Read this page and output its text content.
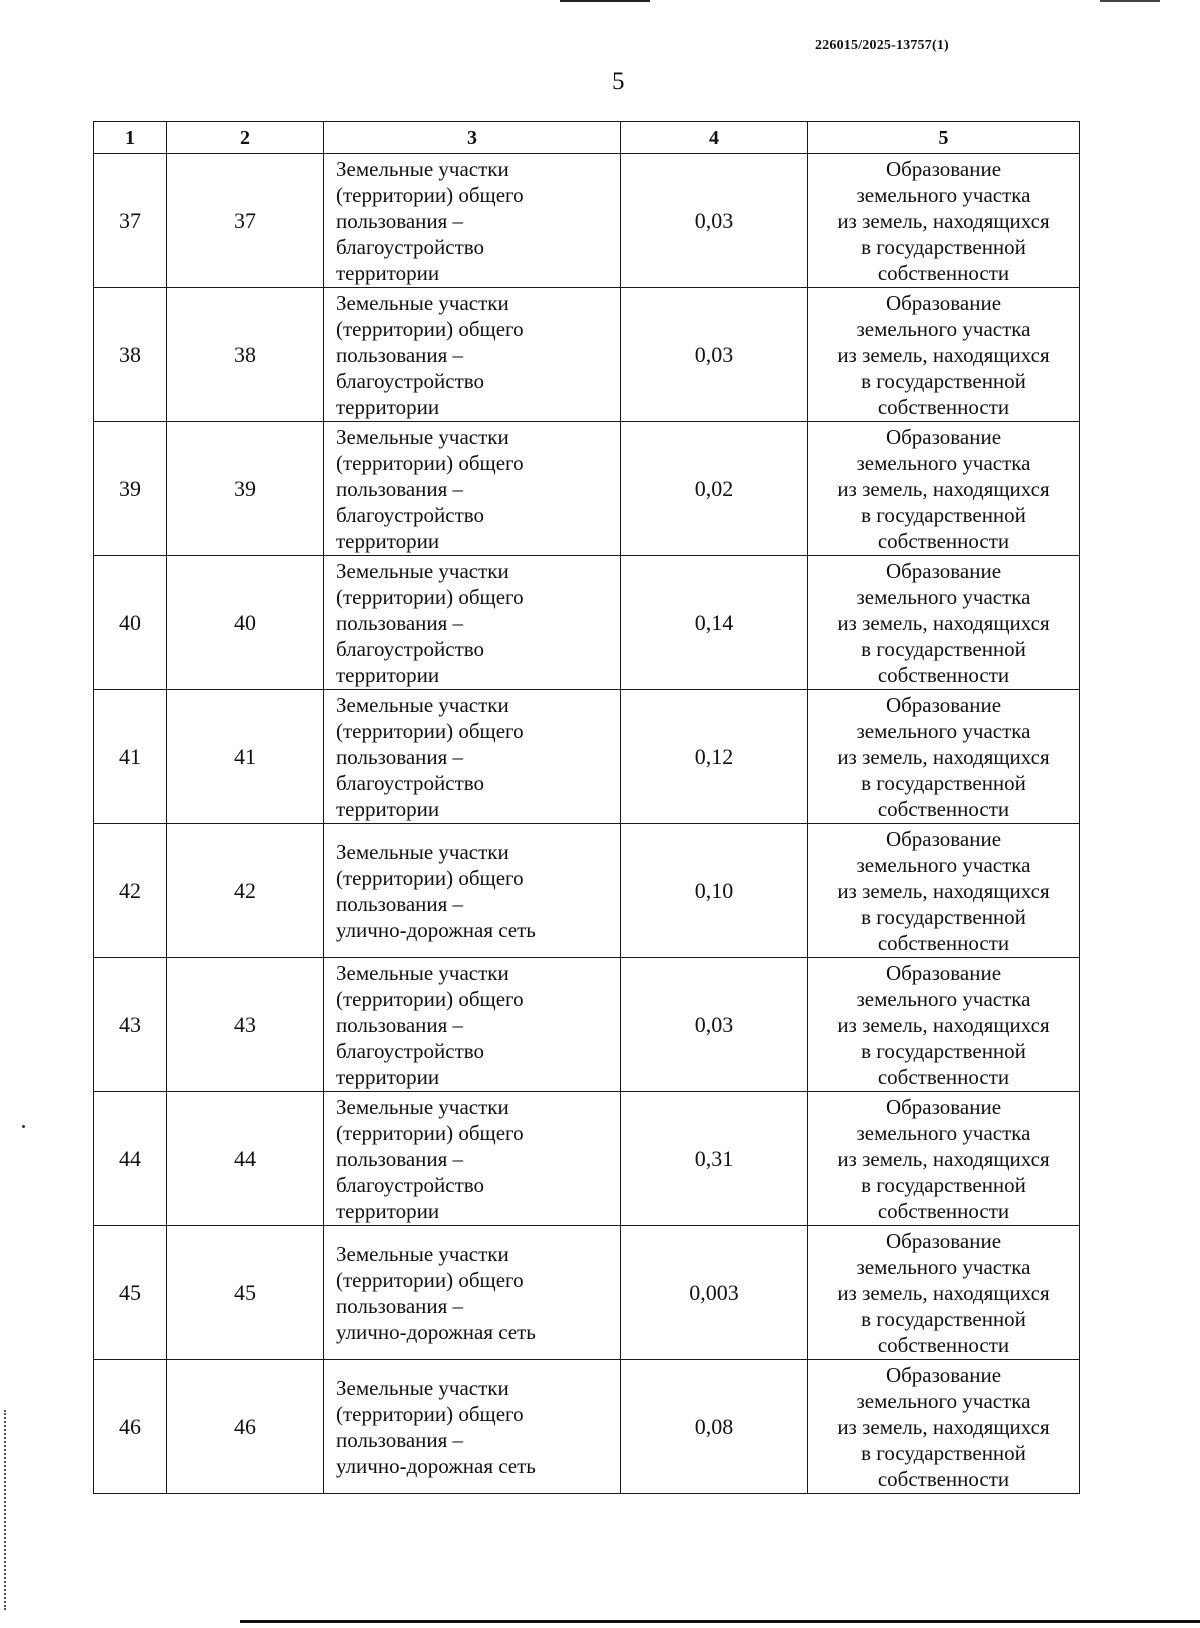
226015/2025-13757(1)
5
1	2	3	4	5
37	37	Земельные участки
(территории) общего
пользования –
благоустройство
территории	0,03	Образование
земельного участка
из земель, находящихся
в государственной
собственности
38	38	Земельные участки
(территории) общего
пользования –
благоустройство
территории	0,03	Образование
земельного участка
из земель, находящихся
в государственной
собственности
39	39	Земельные участки
(территории) общего
пользования –
благоустройство
территории	0,02	Образование
земельного участка
из земель, находящихся
в государственной
собственности
40	40	Земельные участки
(территории) общего
пользования –
благоустройство
территории	0,14	Образование
земельного участка
из земель, находящихся
в государственной
собственности
41	41	Земельные участки
(территории) общего
пользования –
благоустройство
территории	0,12	Образование
земельного участка
из земель, находящихся
в государственной
собственности
42	42	Земельные участки
(территории) общего
пользования –
улично-дорожная сеть	0,10	Образование
земельного участка
из земель, находящихся
в государственной
собственности
43	43	Земельные участки
(территории) общего
пользования –
благоустройство
территории	0,03	Образование
земельного участка
из земель, находящихся
в государственной
собственности
44	44	Земельные участки
(территории) общего
пользования –
благоустройство
территории	0,31	Образование
земельного участка
из земель, находящихся
в государственной
собственности
45	45	Земельные участки
(территории) общего
пользования –
улично-дорожная сеть	0,003	Образование
земельного участка
из земель, находящихся
в государственной
собственности
46	46	Земельные участки
(территории) общего
пользования –
улично-дорожная сеть	0,08	Образование
земельного участка
из земель, находящихся
в государственной
собственности
